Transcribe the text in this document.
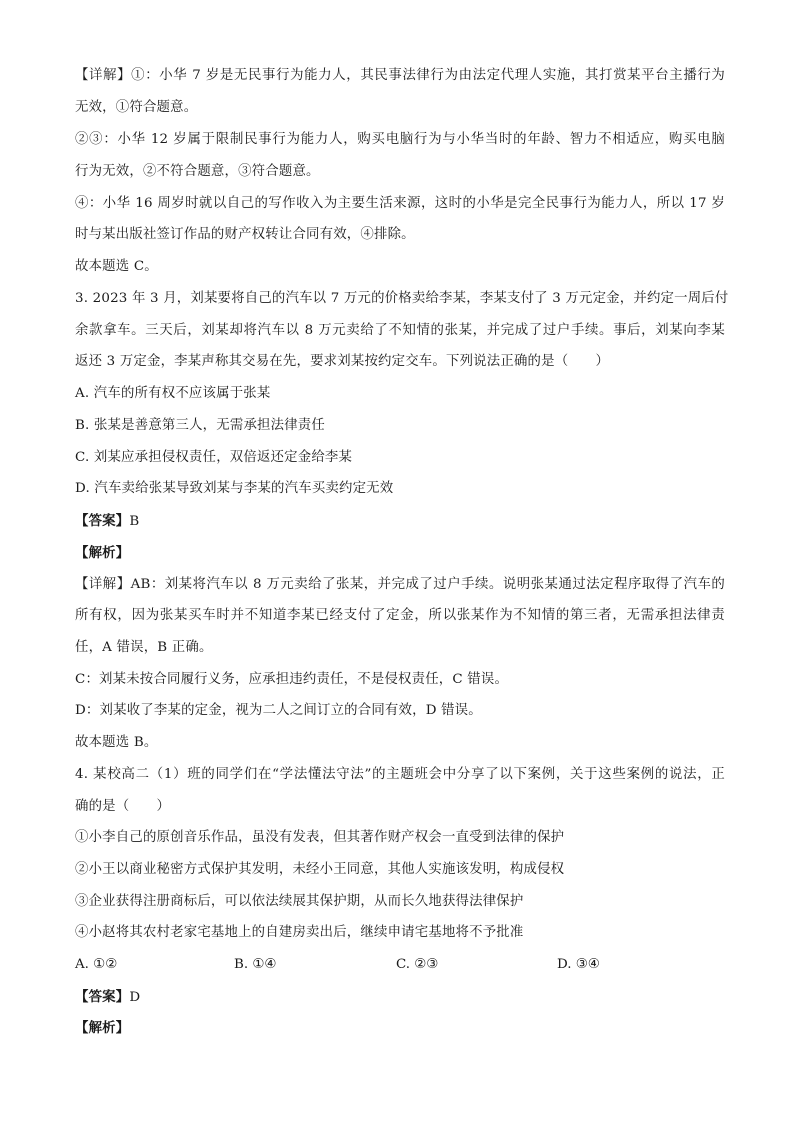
【详解】①：小华 7 岁是无民事行为能力人，其民事法律行为由法定代理人实施，其打赏某平台主播行为
无效，①符合题意。
②③：小华 12 岁属于限制民事行为能力人，购买电脑行为与小华当时的年龄、智力不相适应，购买电脑
行为无效，②不符合题意，③符合题意。
④：小华 16 周岁时就以自己的写作收入为主要生活来源，这时的小华是完全民事行为能力人，所以 17 岁
时与某出版社签订作品的财产权转让合同有效，④排除。
故本题选 C。
3. 2023 年 3 月，刘某要将自己的汽车以 7 万元的价格卖给李某，李某支付了 3 万元定金，并约定一周后付
余款拿车。三天后，刘某却将汽车以 8 万元卖给了不知情的张某，并完成了过户手续。事后，刘某向李某
返还 3 万定金，李某声称其交易在先，要求刘某按约定交车。下列说法正确的是（　　）
A. 汽车的所有权不应该属于张某
B. 张某是善意第三人，无需承担法律责任
C. 刘某应承担侵权责任，双倍返还定金给李某
D. 汽车卖给张某导致刘某与李某的汽车买卖约定无效
【答案】B
【解析】
【详解】AB：刘某将汽车以 8 万元卖给了张某，并完成了过户手续。说明张某通过法定程序取得了汽车的
所有权，因为张某买车时并不知道李某已经支付了定金，所以张某作为不知情的第三者，无需承担法律责
任，A 错误，B 正确。
C：刘某未按合同履行义务，应承担违约责任，不是侵权责任，C 错误。
D：刘某收了李某的定金，视为二人之间订立的合同有效，D 错误。
故本题选 B。
4. 某校高二（1）班的同学们在“学法懂法守法”的主题班会中分享了以下案例，关于这些案例的说法，正
确的是（　　）
①小李自己的原创音乐作品，虽没有发表，但其著作财产权会一直受到法律的保护
②小王以商业秘密方式保护其发明，未经小王同意，其他人实施该发明，构成侵权
③企业获得注册商标后，可以依法续展其保护期，从而长久地获得法律保护
④小赵将其农村老家宅基地上的自建房卖出后，继续申请宅基地将不予批准
A. ①②	B. ①④	C. ②③	D. ③④
【答案】D
【解析】
